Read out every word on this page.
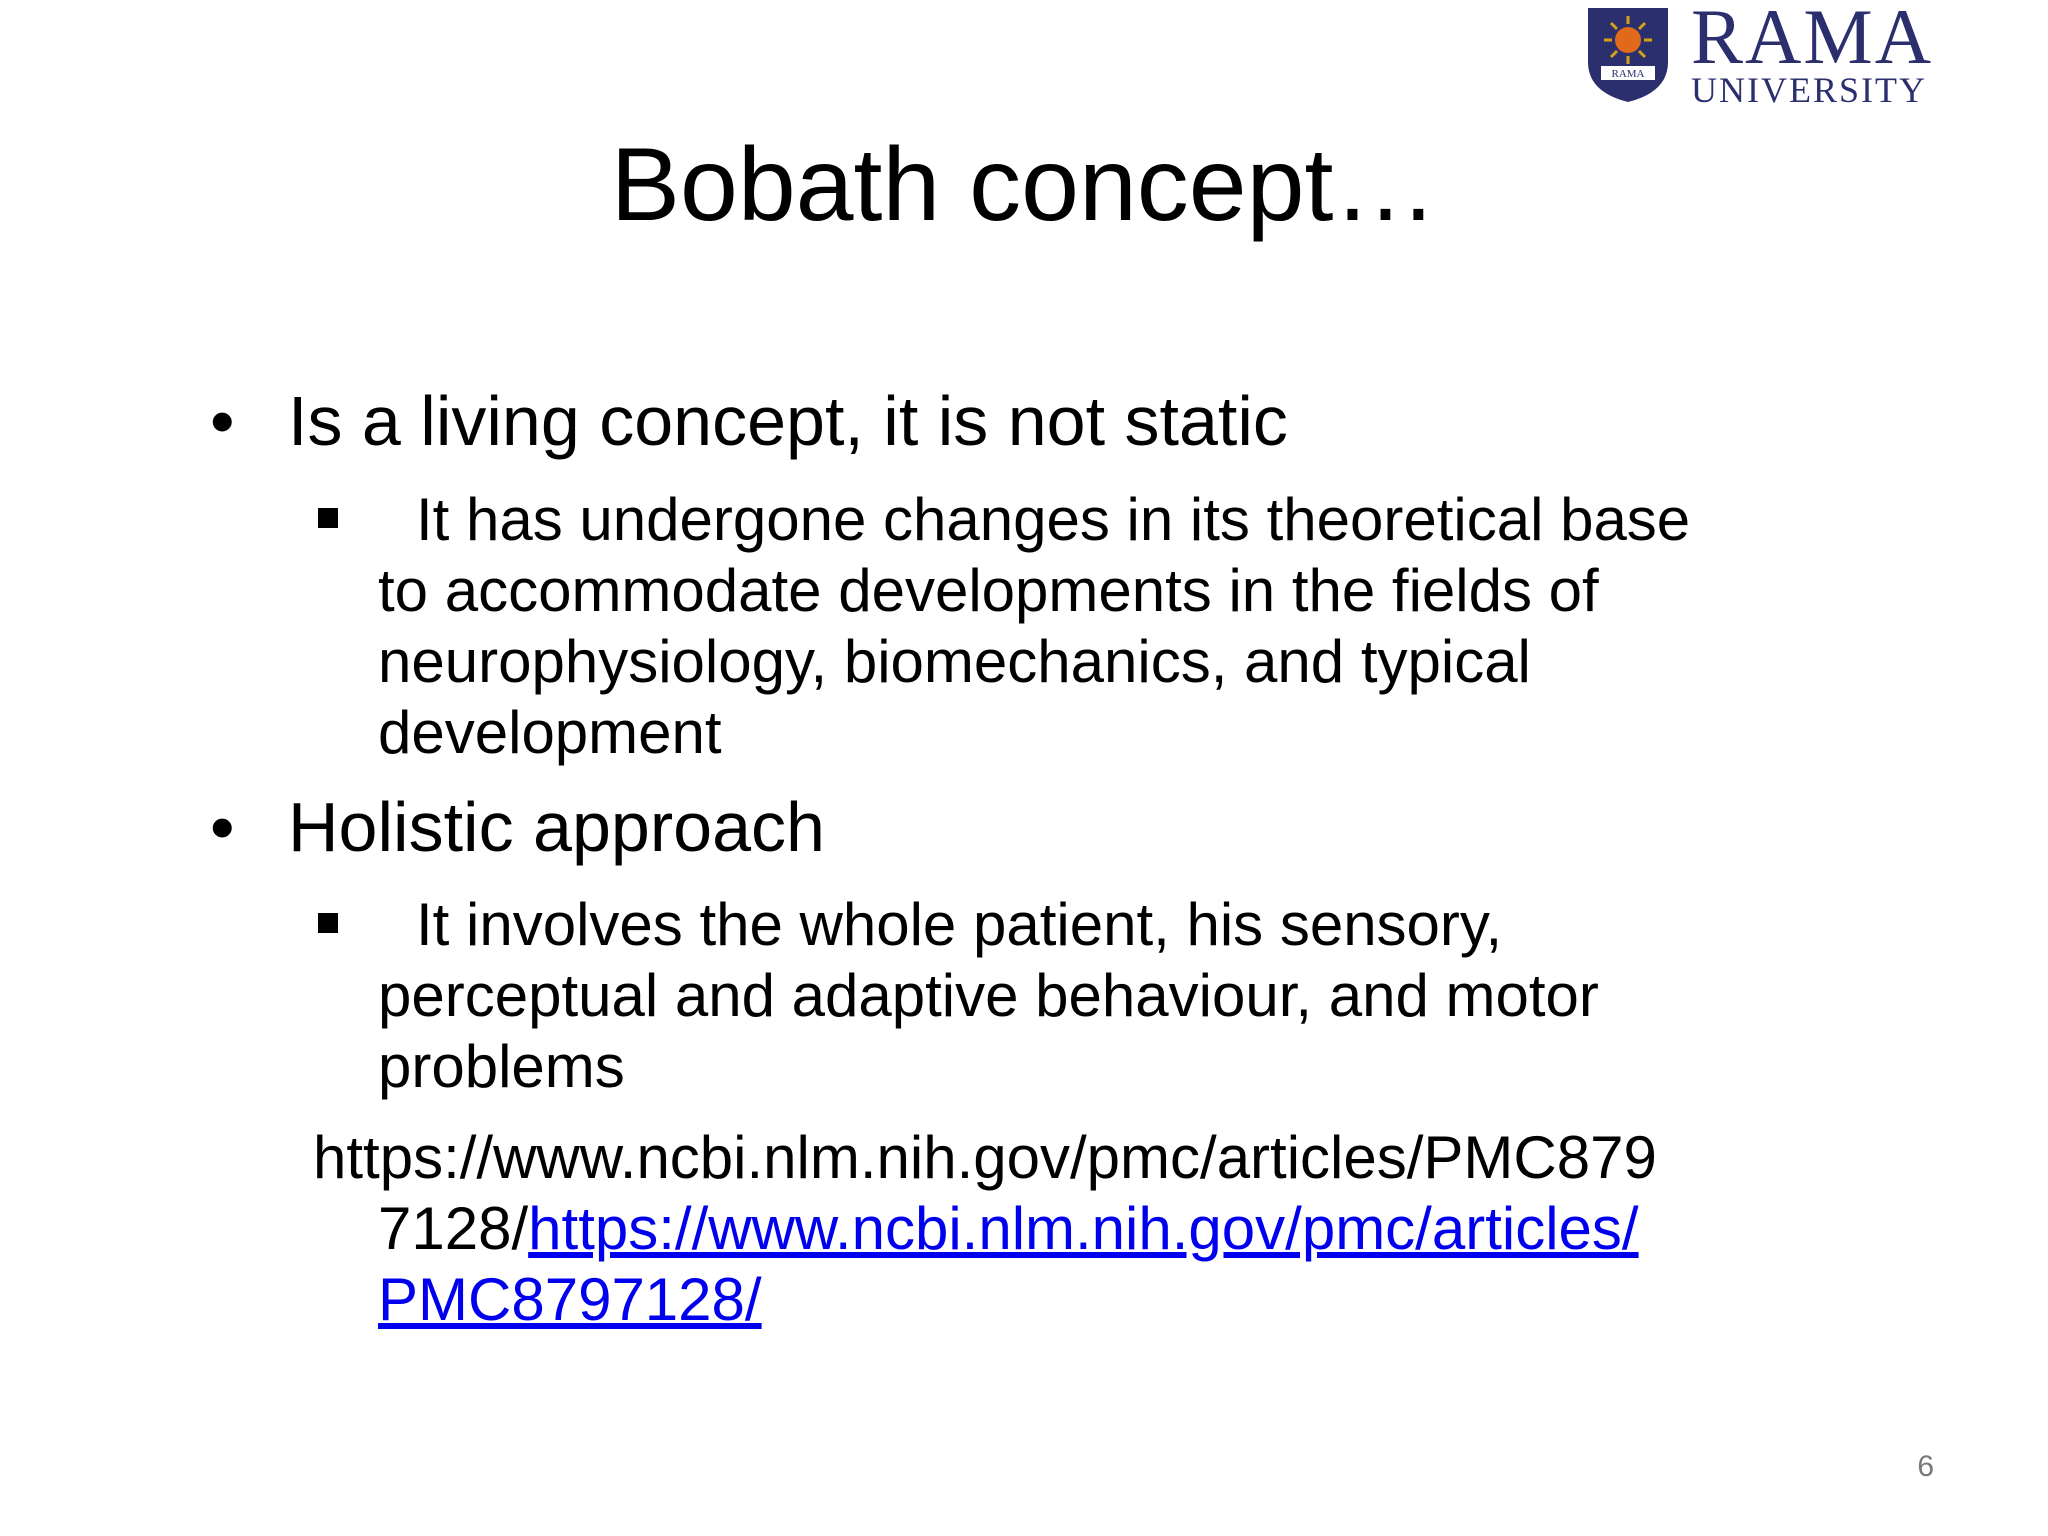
RAMA RAMA
UNIVERSITY
Bobath concept…
• Is a living concept, it is not static
It has undergone changes in its theoretical base
to accommodate developments in the fields of
neurophysiology, biomechanics, and typical
development
• Holistic approach
It involves the whole patient, his sensory,
perceptual and adaptive behaviour, and motor
problems
https://www.ncbi.nlm.nih.gov/pmc/articles/PMC879
7128/https://www.ncbi.nlm.nih.gov/pmc/articles/
PMC8797128/
6
